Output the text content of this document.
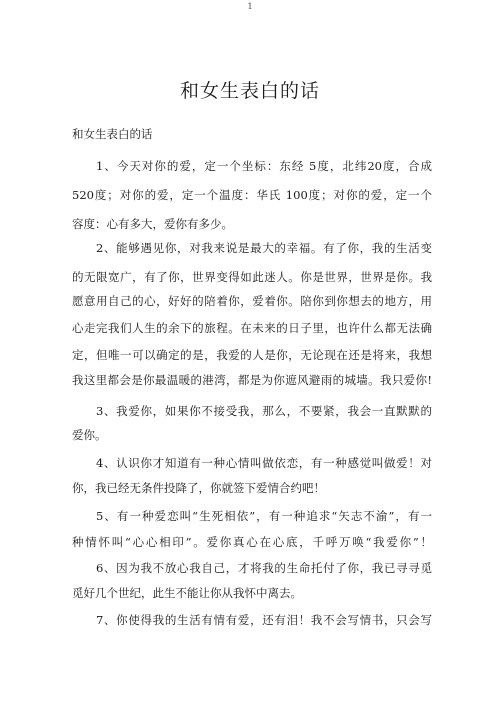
1
和女生表白的话
和女生表白的话
1、今天对你的爱，定一个坐标：东经 5度，北纬20度，合成
520度；对你的爱，定一个温度：华氏 100度；对你的爱，定一个
容度：心有多大，爱你有多少。
2、能够遇见你，对我来说是最大的幸福。有了你，我的生活变
的无限宽广，有了你，世界变得如此迷人。你是世界，世界是你。我
愿意用自己的心，好好的陪着你，爱着你。陪你到你想去的地方，用
心走完我们人生的余下的旅程。在未来的日子里，也许什么都无法确
定，但唯一可以确定的是，我爱的人是你，无论现在还是将来，我想
我这里都会是你最温暖的港湾，都是为你遮风避雨的城墙。我只爱你!
3、我爱你，如果你不接受我，那么，不要紧，我会一直默默的
爱你。
4、认识你才知道有一种心情叫做依恋，有一种感觉叫做爱！对
你，我已经无条件投降了，你就签下爱情合约吧！
5、有一种爱恋叫“生死相依”，有一种追求“矢志不渝”，有一
种情怀叫“心心相印”。爱你真心在心底，千呼万唤“我爱你”！
6、因为我不放心我自己，才将我的生命托付了你，我已寻寻觅
觅好几个世纪，此生不能让你从我怀中离去。
7、你使得我的生活有情有爱，还有泪！我不会写情书，只会写
